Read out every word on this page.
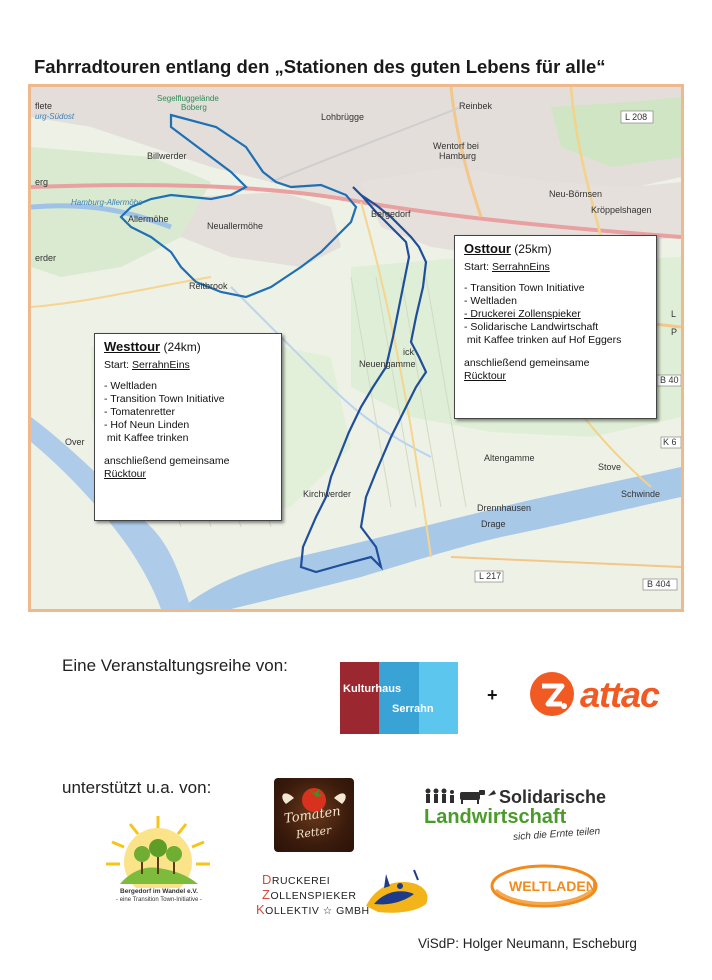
Fahrradtouren entlang den „Stationen des guten Lebens für alle“
Lohbrügge
Reinbek
L 208
Billwerder
Wentorf bei
Hamburg
Neu-Börnsen
Kröppelshagen
Bergedorf
Neuallermöhe
Allermöhe
Reitbrook
Neuengamme
ick
Kirchwerder
Altengamme
Stove
Schwinde
Drennhausen
Drage
L 217
B 404
B 40
K 6
Over
erg
erder
flete
urg-Südost
Segelfluggelände
Boberg
Hamburg-Allermöhe
P
L
Westtour (24km)
Start: SerrahnEins
- Weltladen
- Transition Town Initiative
- Tomatenretter
- Hof Neun Linden
mit Kaffee trinken
anschließend gemeinsame
Rücktour
Osttour (25km)
Start: SerrahnEins
- Transition Town Initiative
- Weltladen
- Druckerei Zollenspieker
- Solidarische Landwirtschaft
mit Kaffee trinken auf Hof Eggers
anschließend gemeinsame
Rücktour
Eine Veranstaltungsreihe von:
Kulturhaus
Serrahn
+ attac
unterstützt u.a. von:
Bergedorf im Wandel e.V.
- eine Transition Town-Initiative -
Tomaten
Retter
Solidarische
Landwirtschaft
sich die Ernte teilen
DRUCKEREI
ZOLLENSPIEKER
KOLLEKTIV ☆ GMBH
WELTLADEN
ViSdP: Holger Neumann, Escheburg
